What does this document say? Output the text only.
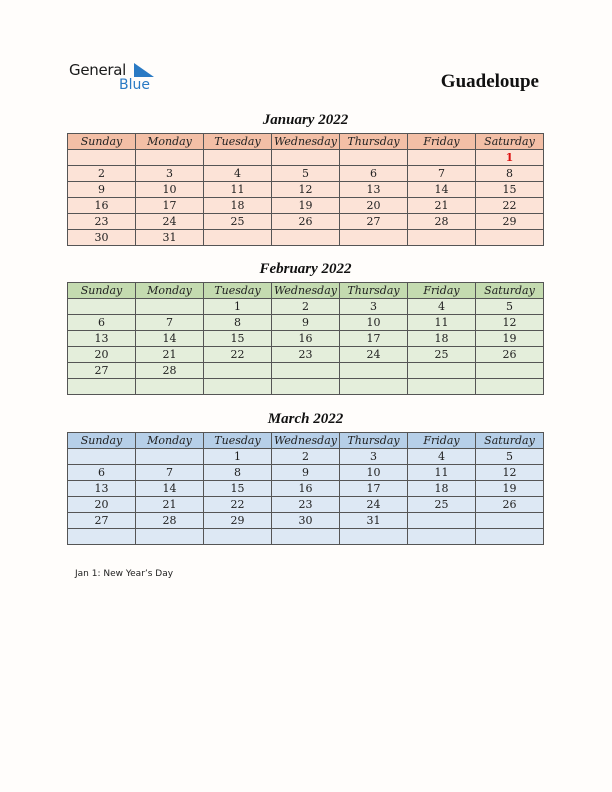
General
Blue	Guadeloupe
January 2022
Sunday	Monday	Tuesday	Wednesday	Thursday	Friday	Saturday
						1
2	3	4	5	6	7	8
9	10	11	12	13	14	15
16	17	18	19	20	21	22
23	24	25	26	27	28	29
30	31					
February 2022
Sunday	Monday	Tuesday	Wednesday	Thursday	Friday	Saturday
		1	2	3	4	5
6	7	8	9	10	11	12
13	14	15	16	17	18	19
20	21	22	23	24	25	26
27	28					

March 2022
Sunday	Monday	Tuesday	Wednesday	Thursday	Friday	Saturday
		1	2	3	4	5
6	7	8	9	10	11	12
13	14	15	16	17	18	19
20	21	22	23	24	25	26
27	28	29	30	31		

Jan 1: New Year’s Day
